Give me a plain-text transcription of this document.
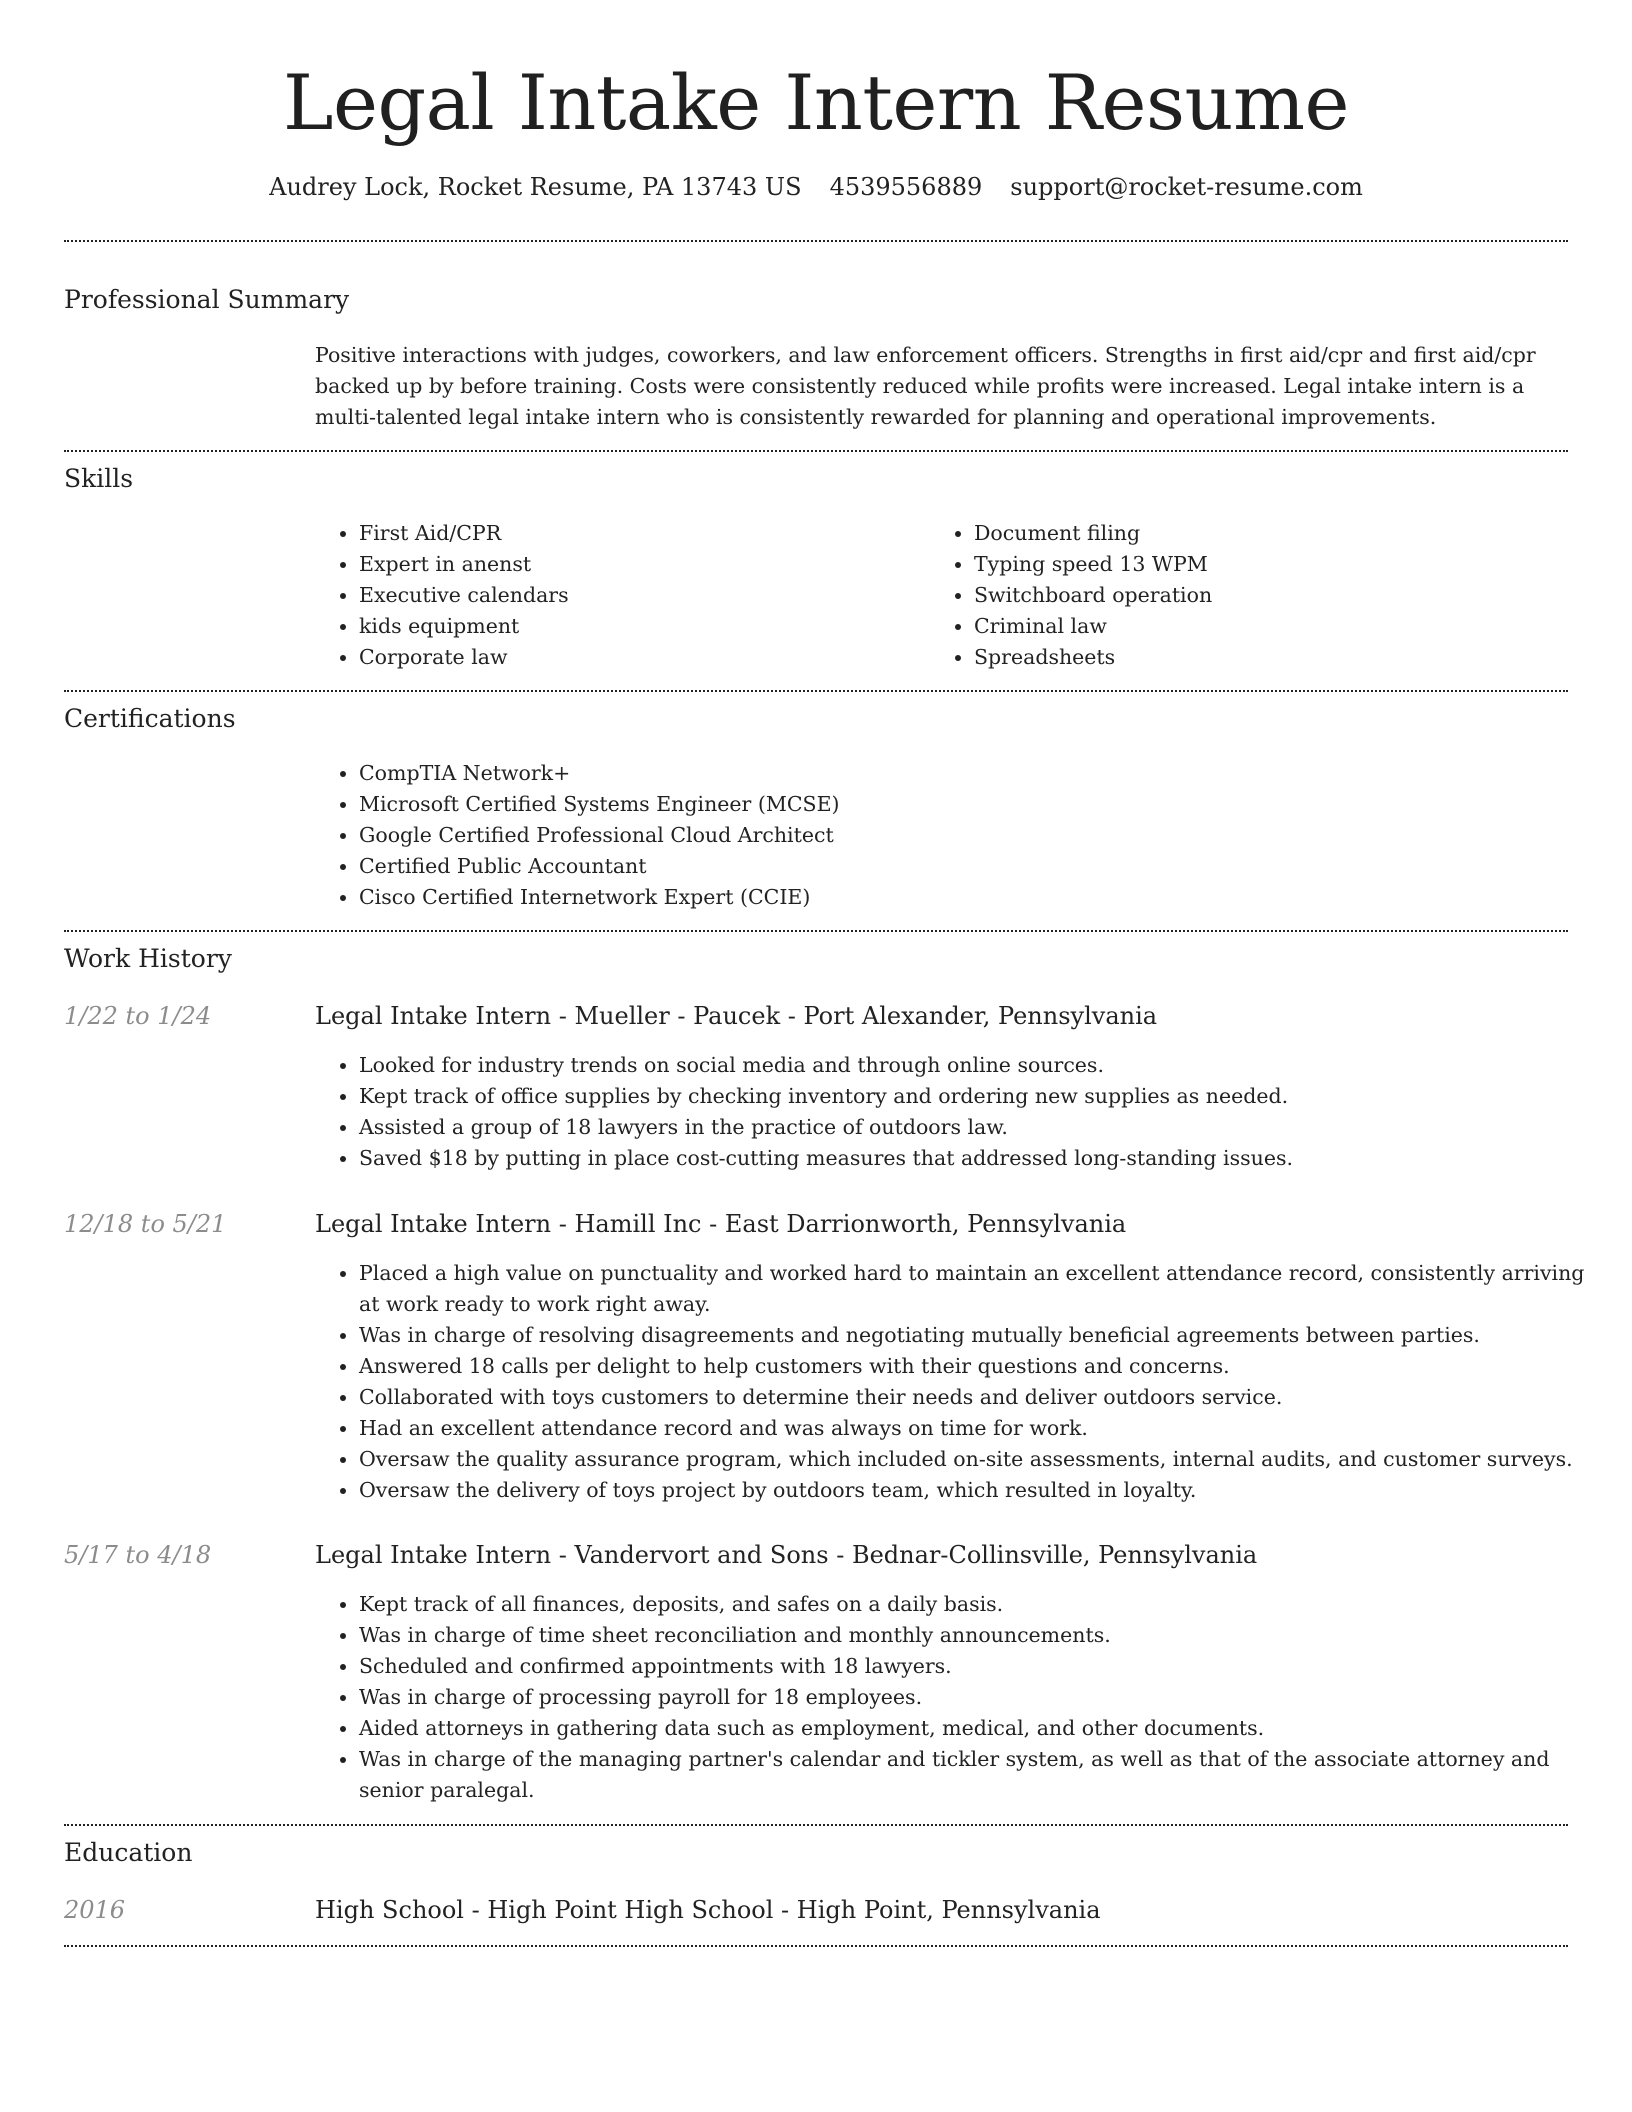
Legal Intake Intern Resume
Audrey Lock, Rocket Resume, PA 13743 US 4539556889 support@rocket-resume.com
Professional Summary
Positive interactions with judges, coworkers, and law enforcement officers. Strengths in first aid/cpr and first aid/cpr backed up by before training. Costs were consistently reduced while profits were increased. Legal intake intern is a multi-talented legal intake intern who is consistently rewarded for planning and operational improvements.
Skills
• First Aid/CPR
• Expert in anenst
• Executive calendars
• kids equipment
• Corporate law
• Document filing
• Typing speed 13 WPM
• Switchboard operation
• Criminal law
• Spreadsheets
Certifications
• CompTIA Network+
• Microsoft Certified Systems Engineer (MCSE)
• Google Certified Professional Cloud Architect
• Certified Public Accountant
• Cisco Certified Internetwork Expert (CCIE)
Work History
1/22 to 1/24	Legal Intake Intern - Mueller - Paucek - Port Alexander, Pennsylvania
• Looked for industry trends on social media and through online sources.
• Kept track of office supplies by checking inventory and ordering new supplies as needed.
• Assisted a group of 18 lawyers in the practice of outdoors law.
• Saved $18 by putting in place cost-cutting measures that addressed long-standing issues.
12/18 to 5/21	Legal Intake Intern - Hamill Inc - East Darrionworth, Pennsylvania
• Placed a high value on punctuality and worked hard to maintain an excellent attendance record, consistently arriving at work ready to work right away.
• Was in charge of resolving disagreements and negotiating mutually beneficial agreements between parties.
• Answered 18 calls per delight to help customers with their questions and concerns.
• Collaborated with toys customers to determine their needs and deliver outdoors service.
• Had an excellent attendance record and was always on time for work.
• Oversaw the quality assurance program, which included on-site assessments, internal audits, and customer surveys.
• Oversaw the delivery of toys project by outdoors team, which resulted in loyalty.
5/17 to 4/18	Legal Intake Intern - Vandervort and Sons - Bednar-Collinsville, Pennsylvania
• Kept track of all finances, deposits, and safes on a daily basis.
• Was in charge of time sheet reconciliation and monthly announcements.
• Scheduled and confirmed appointments with 18 lawyers.
• Was in charge of processing payroll for 18 employees.
• Aided attorneys in gathering data such as employment, medical, and other documents.
• Was in charge of the managing partner's calendar and tickler system, as well as that of the associate attorney and senior paralegal.
Education
2016	High School - High Point High School - High Point, Pennsylvania
